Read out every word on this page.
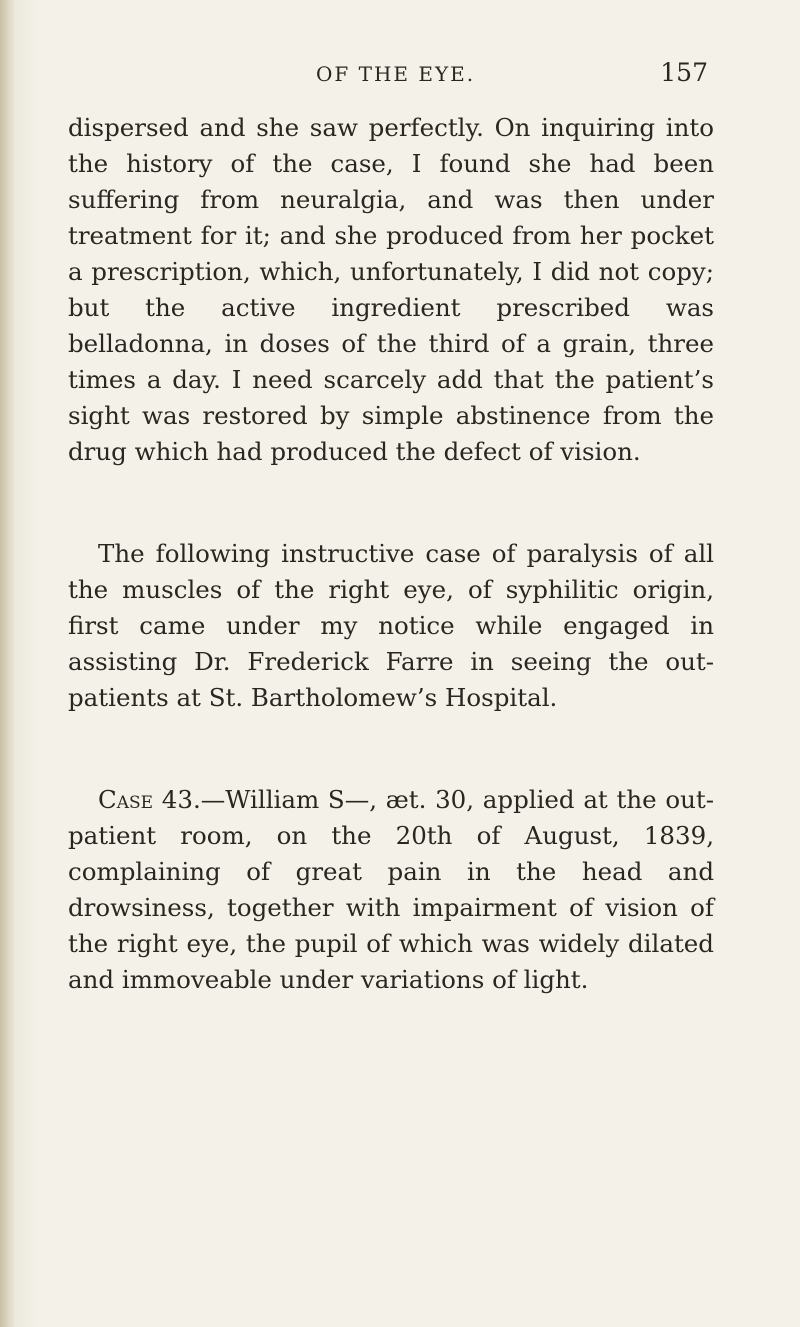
OF THE EYE.	157

dispersed and she saw perfectly. On inquiring into the history of the case, I found she had been suffering from neuralgia, and was then under treatment for it; and she produced from her pocket a prescription, which, unfortunately, I did not copy; but the active ingredient prescribed was belladonna, in doses of the third of a grain, three times a day. I need scarcely add that the patient’s sight was restored by simple abstinence from the drug which had produced the defect of vision.

The following instructive case of paralysis of all the muscles of the right eye, of syphilitic origin, first came under my notice while engaged in assisting Dr. Frederick Farre in seeing the out-patients at St. Bartholomew’s Hospital.

Case 43.—William S—, æt. 30, applied at the out-patient room, on the 20th of August, 1839, complaining of great pain in the head and drowsiness, together with impairment of vision of the right eye, the pupil of which was widely dilated and immoveable under variations of light.
